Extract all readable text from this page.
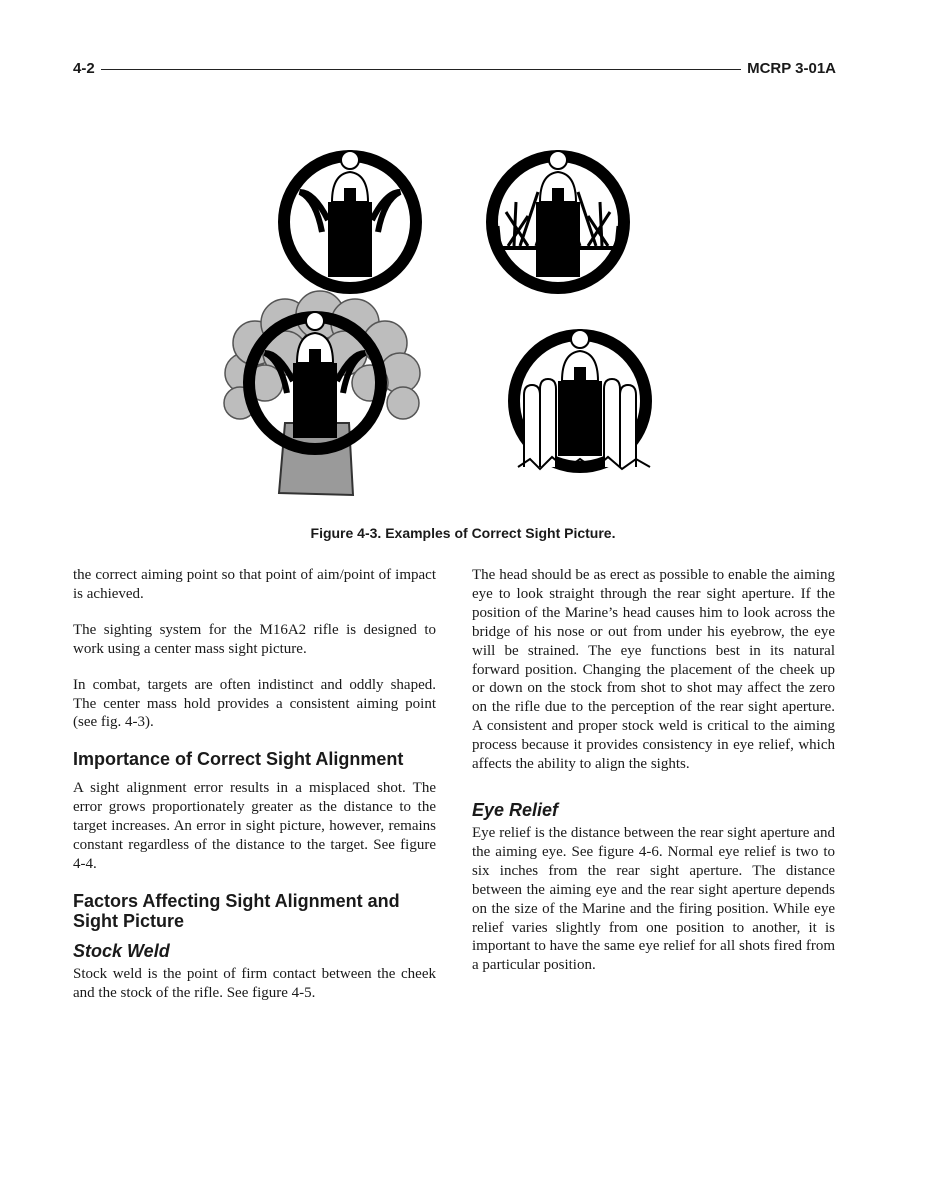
4-2	MCRP 3-01A
Figure 4-3. Examples of Correct Sight Picture.

the correct aiming point so that point of aim/point of impact is achieved.

The sighting system for the M16A2 rifle is designed to work using a center mass sight picture.

In combat, targets are often indistinct and oddly shaped. The center mass hold provides a consistent aiming point (see fig. 4-3).

Importance of Correct Sight Alignment

A sight alignment error results in a misplaced shot. The error grows proportionately greater as the distance to the target increases. An error in sight picture, however, remains constant regardless of the distance to the target. See figure 4-4.

Factors Affecting Sight Alignment and Sight Picture
Stock Weld

Stock weld is the point of firm contact between the cheek and the stock of the rifle. See figure 4-5.

The head should be as erect as possible to enable the aiming eye to look straight through the rear sight aperture. If the position of the Marine’s head causes him to look across the bridge of his nose or out from under his eyebrow, the eye will be strained. The eye functions best in its natural forward position. Changing the placement of the cheek up or down on the stock from shot to shot may affect the zero on the rifle due to the perception of the rear sight aperture. A consistent and proper stock weld is critical to the aiming process because it provides consistency in eye relief, which affects the ability to align the sights.

Eye Relief

Eye relief is the distance between the rear sight aperture and the aiming eye. See figure 4-6. Normal eye relief is two to six inches from the rear sight aperture. The distance between the aiming eye and the rear sight aperture depends on the size of the Marine and the firing position. While eye relief varies slightly from one position to another, it is important to have the same eye relief for all shots fired from a particular position.
